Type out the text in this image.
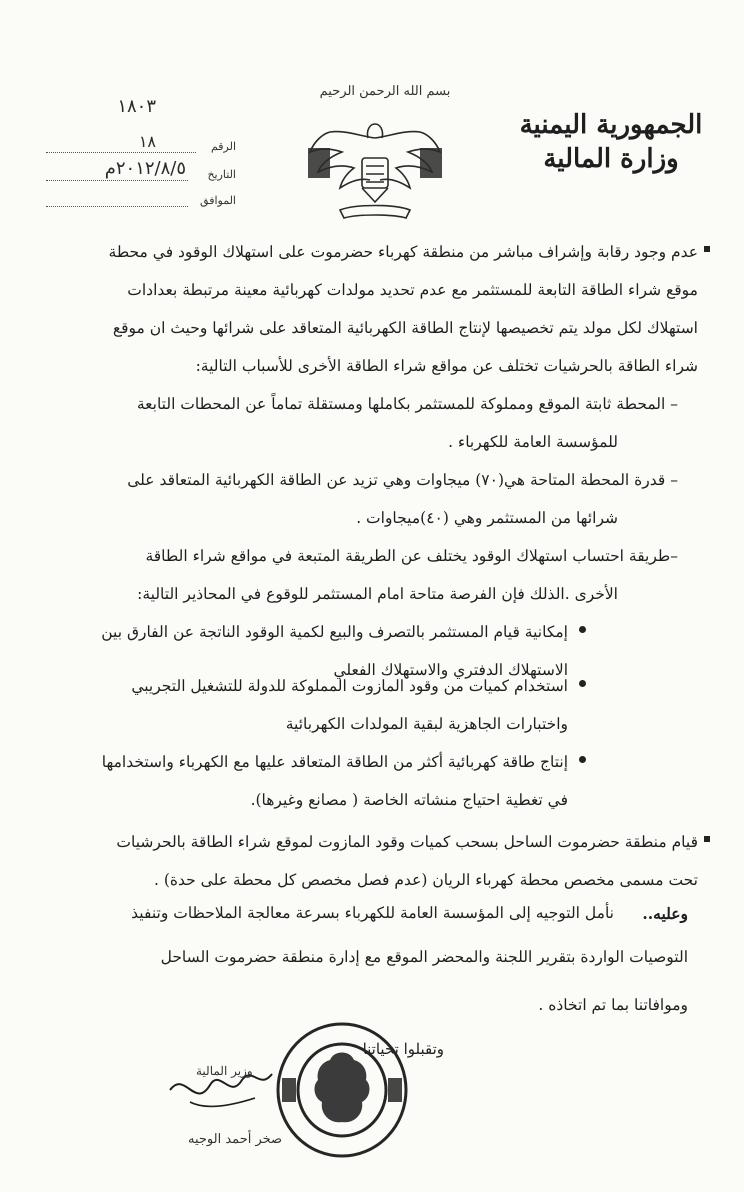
الجمهورية اليمنية
وزارة المالية
بسم الله الرحمن الرحيم
١٨٠٣
الرقم
١٨
التاريخ
٢٠١٢/٨/٥م
الموافق
عدم وجود رقابة وإشراف مباشر من منطقة كهرباء حضرموت على استهلاك الوقود في محطة
موقع شراء الطاقة التابعة للمستثمر مع عدم تحديد مولدات كهربائية معينة مرتبطة بعدادات
استهلاك لكل مولد يتم تخصيصها لإنتاج الطاقة الكهربائية المتعاقد على شرائها وحيث ان موقع
شراء الطاقة بالحرشيات تختلف عن مواقع شراء الطاقة الأخرى للأسباب التالية:
– المحطة ثابتة الموقع ومملوكة للمستثمر بكاملها ومستقلة تماماً عن المحطات التابعة
للمؤسسة العامة للكهرباء .
– قدرة المحطة المتاحة هي(٧٠) ميجاوات وهي تزيد عن الطاقة الكهربائية المتعاقد على
شرائها من المستثمر وهي (٤٠)ميجاوات .
–طريقة احتساب استهلاك الوقود يختلف عن الطريقة المتبعة في مواقع شراء الطاقة
الأخرى .الذلك فإن الفرصة متاحة امام المستثمر للوقوع في المحاذير التالية:
إمكانية قيام المستثمر بالتصرف والبيع لكمية الوقود الناتجة عن الفارق بين
الاستهلاك الدفتري والاستهلاك الفعلي
استخدام كميات من وقود المازوت المملوكة للدولة للتشغيل التجريبي
واختبارات الجاهزية لبقية المولدات الكهربائية
إنتاج طاقة كهربائية أكثر من الطاقة المتعاقد عليها مع الكهرباء واستخدامها
في تغطية احتياج منشاته الخاصة ( مصانع وغيرها).
قيام منطقة حضرموت الساحل بسحب كميات وقود المازوت لموقع شراء الطاقة بالحرشيات
تحت مسمى مخصص محطة كهرباء الريان (عدم فصل مخصص كل محطة على حدة) .
وعليه..
نأمل التوجيه إلى المؤسسة العامة للكهرباء بسرعة معالجة الملاحظات وتنفيذ
التوصيات الواردة بتقرير اللجنة والمحضر الموقع مع إدارة منطقة حضرموت الساحل
وموافاتنا بما تم اتخاذه .
وتقبلوا تحياتنا
وزير المالية
صخر أحمد الوجيه
